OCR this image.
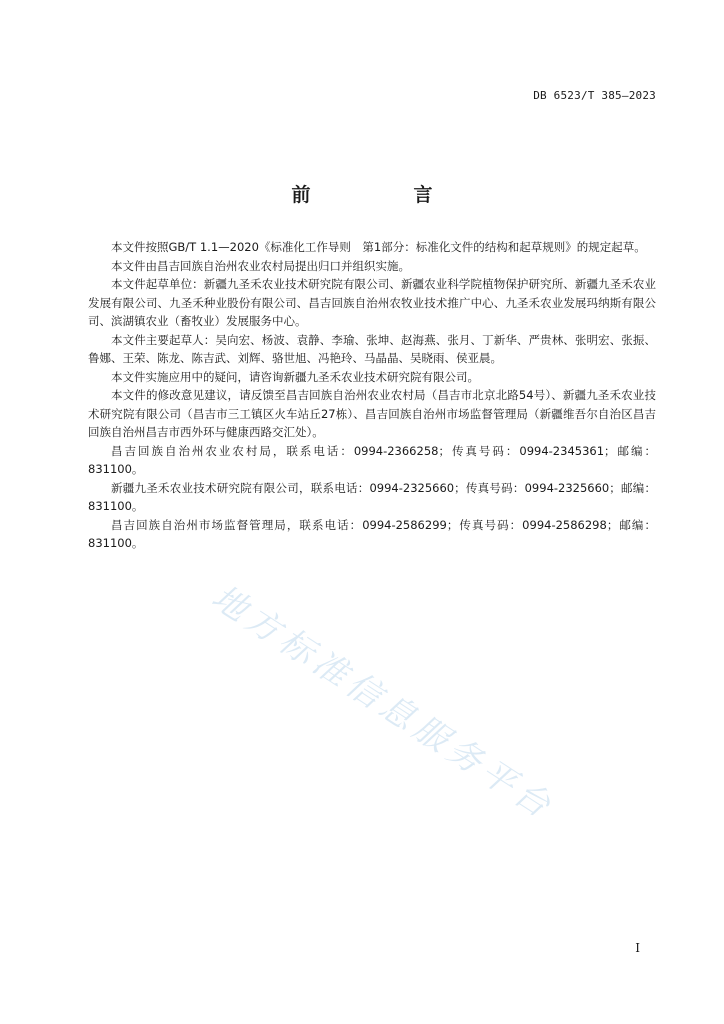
DB 6523/T 385—2023
前　言

本文件按照GB/T 1.1—2020《标准化工作导则　第1部分：标准化文件的结构和起草规则》的规定起草。

本文件由昌吉回族自治州农业农村局提出归口并组织实施。

本文件起草单位：新疆九圣禾农业技术研究院有限公司、新疆农业科学院植物保护研究所、新疆九圣禾农业发展有限公司、九圣禾种业股份有限公司、昌吉回族自治州农牧业技术推广中心、九圣禾农业发展玛纳斯有限公司、滨湖镇农业（畜牧业）发展服务中心。

本文件主要起草人：吴向宏、杨波、袁静、李瑜、张坤、赵海燕、张月、丁新华、严贵林、张明宏、张振、鲁娜、王荣、陈龙、陈吉武、刘辉、骆世旭、冯艳玲、马晶晶、吴晓雨、侯亚晨。

本文件实施应用中的疑问，请咨询新疆九圣禾农业技术研究院有限公司。

本文件的修改意见建议，请反馈至昌吉回族自治州农业农村局（昌吉市北京北路54号）、新疆九圣禾农业技术研究院有限公司（昌吉市三工镇区火车站丘27栋）、昌吉回族自治州市场监督管理局（新疆维吾尔自治区昌吉回族自治州昌吉市西外环与健康西路交汇处）。

昌吉回族自治州农业农村局，联系电话：0994-2366258；传真号码：0994-2345361；邮编：831100。

新疆九圣禾农业技术研究院有限公司，联系电话：0994-2325660；传真号码：0994-2325660；邮编：831100。

昌吉回族自治州市场监督管理局，联系电话：0994-2586299；传真号码：0994-2586298；邮编：831100。

地方标准信息服务平台
I
